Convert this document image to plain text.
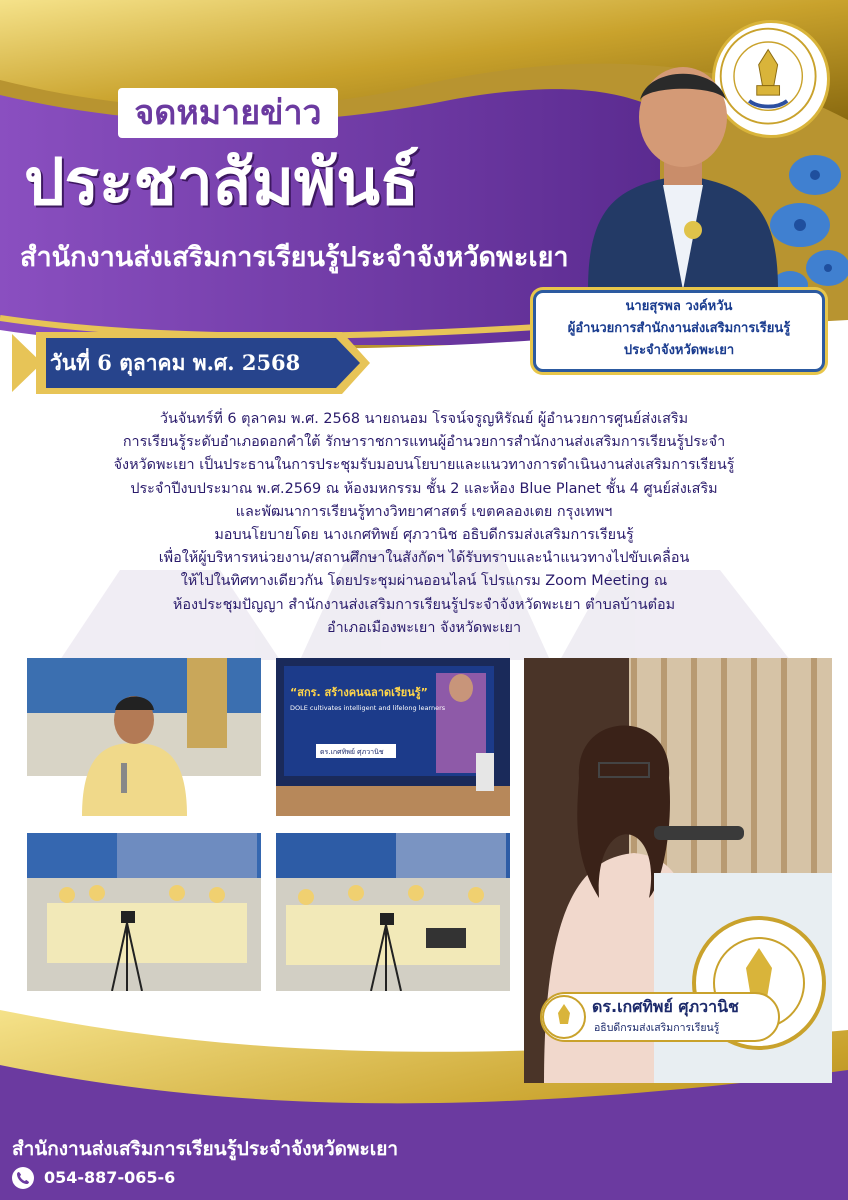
จดหมายข่าว
ประชาสัมพันธ์
สำนักงานส่งเสริมการเรียนรู้ประจำจังหวัดพะเยา
นายสุรพล วงค์หวัน
ผู้อำนวยการสำนักงานส่งเสริมการเรียนรู้
ประจำจังหวัดพะเยา
วันที่ 6 ตุลาคม พ.ศ. 2568
วันจันทร์ที่ 6 ตุลาคม พ.ศ. 2568 นายถนอม โรจน์จรูญหิรัณย์ ผู้อำนวยการศูนย์ส่งเสริม
การเรียนรู้ระดับอำเภอดอกคำใต้ รักษาราชการแทนผู้อำนวยการสำนักงานส่งเสริมการเรียนรู้ประจำ
จังหวัดพะเยา เป็นประธานในการประชุมรับมอบนโยบายและแนวทางการดำเนินงานส่งเสริมการเรียนรู้
ประจำปีงบประมาณ พ.ศ.2569 ณ ห้องมหกรรม ชั้น 2 และห้อง Blue Planet ชั้น 4 ศูนย์ส่งเสริม
และพัฒนาการเรียนรู้ทางวิทยาศาสตร์ เขตคลองเตย กรุงเทพฯ
มอบนโยบายโดย นางเกศทิพย์ ศุภวานิช อธิบดีกรมส่งเสริมการเรียนรู้
เพื่อให้ผู้บริหารหน่วยงาน/สถานศึกษาในสังกัดฯ ได้รับทราบและนำแนวทางไปขับเคลื่อน
ให้ไปในทิศทางเดียวกัน โดยประชุมผ่านออนไลน์ โปรแกรม Zoom Meeting ณ
ห้องประชุมปัญญา สำนักงานส่งเสริมการเรียนรู้ประจำจังหวัดพะเยา ตำบลบ้านต๋อม
อำเภอเมืองพะเยา จังหวัดพะเยา
“สกร. สร้างคนฉลาดเรียนรู้”
DOLE cultivates intelligent and lifelong learners
ดร.เกศทิพย์ ศุภวานิช
ดร.เกศทิพย์ ศุภวานิช
อธิบดีกรมส่งเสริมการเรียนรู้
สำนักงานส่งเสริมการเรียนรู้ประจำจังหวัดพะเยา
054-887-065-6
